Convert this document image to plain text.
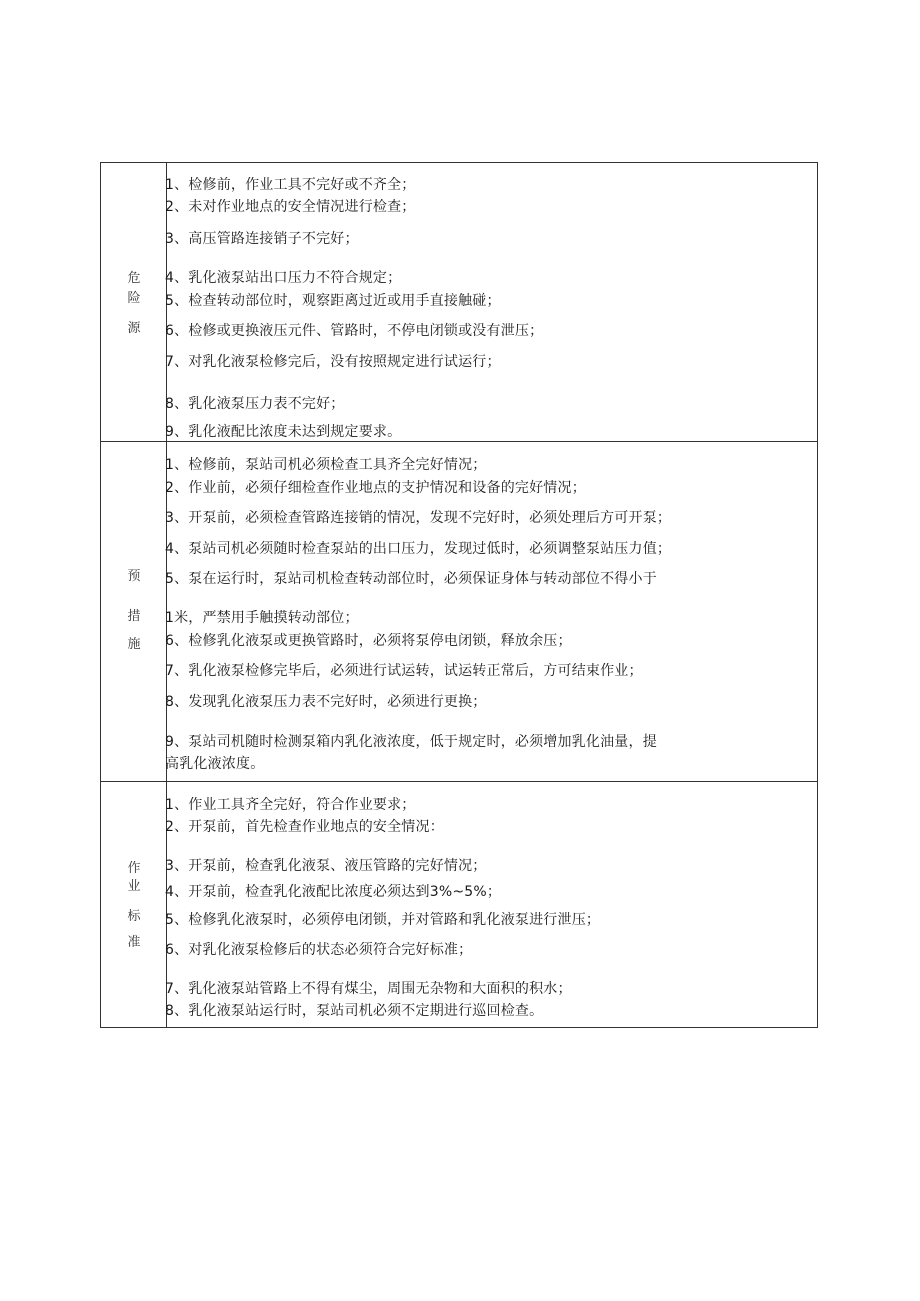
危
险
源
预
措
施
作
业
标
准
1、检修前，作业工具不完好或不齐全；
2、未对作业地点的安全情况进行检查；
3、高压管路连接销子不完好；
4、乳化液泵站出口压力不符合规定；
5、检查转动部位时，观察距离过近或用手直接触碰；
6、检修或更换液压元件、管路时，不停电闭锁或没有泄压；
7、对乳化液泵检修完后，没有按照规定进行试运行；
8、乳化液泵压力表不完好；
9、乳化液配比浓度未达到规定要求。
1、检修前，泵站司机必须检查工具齐全完好情况；
2、作业前，必须仔细检查作业地点的支护情况和设备的完好情况；
3、开泵前，必须检查管路连接销的情况，发现不完好时，必须处理后方可开泵；
4、泵站司机必须随时检查泵站的出口压力，发现过低时，必须调整泵站压力值；
5、泵在运行时，泵站司机检查转动部位时，必须保证身体与转动部位不得小于
1米，严禁用手触摸转动部位；
6、检修乳化液泵或更换管路时，必须将泵停电闭锁，释放余压；
7、乳化液泵检修完毕后，必须进行试运转，试运转正常后，方可结束作业；
8、发现乳化液泵压力表不完好时，必须进行更换；
9、泵站司机随时检测泵箱内乳化液浓度，低于规定时，必须增加乳化油量，提
高乳化液浓度。
1、作业工具齐全完好，符合作业要求；
2、开泵前，首先检查作业地点的安全情况：
3、开泵前，检查乳化液泵、液压管路的完好情况；
4、开泵前，检查乳化液配比浓度必须达到3%~5%；
5、检修乳化液泵时，必须停电闭锁，并对管路和乳化液泵进行泄压；
6、对乳化液泵检修后的状态必须符合完好标准；
7、乳化液泵站管路上不得有煤尘，周围无杂物和大面积的积水；
8、乳化液泵站运行时，泵站司机必须不定期进行巡回检查。
